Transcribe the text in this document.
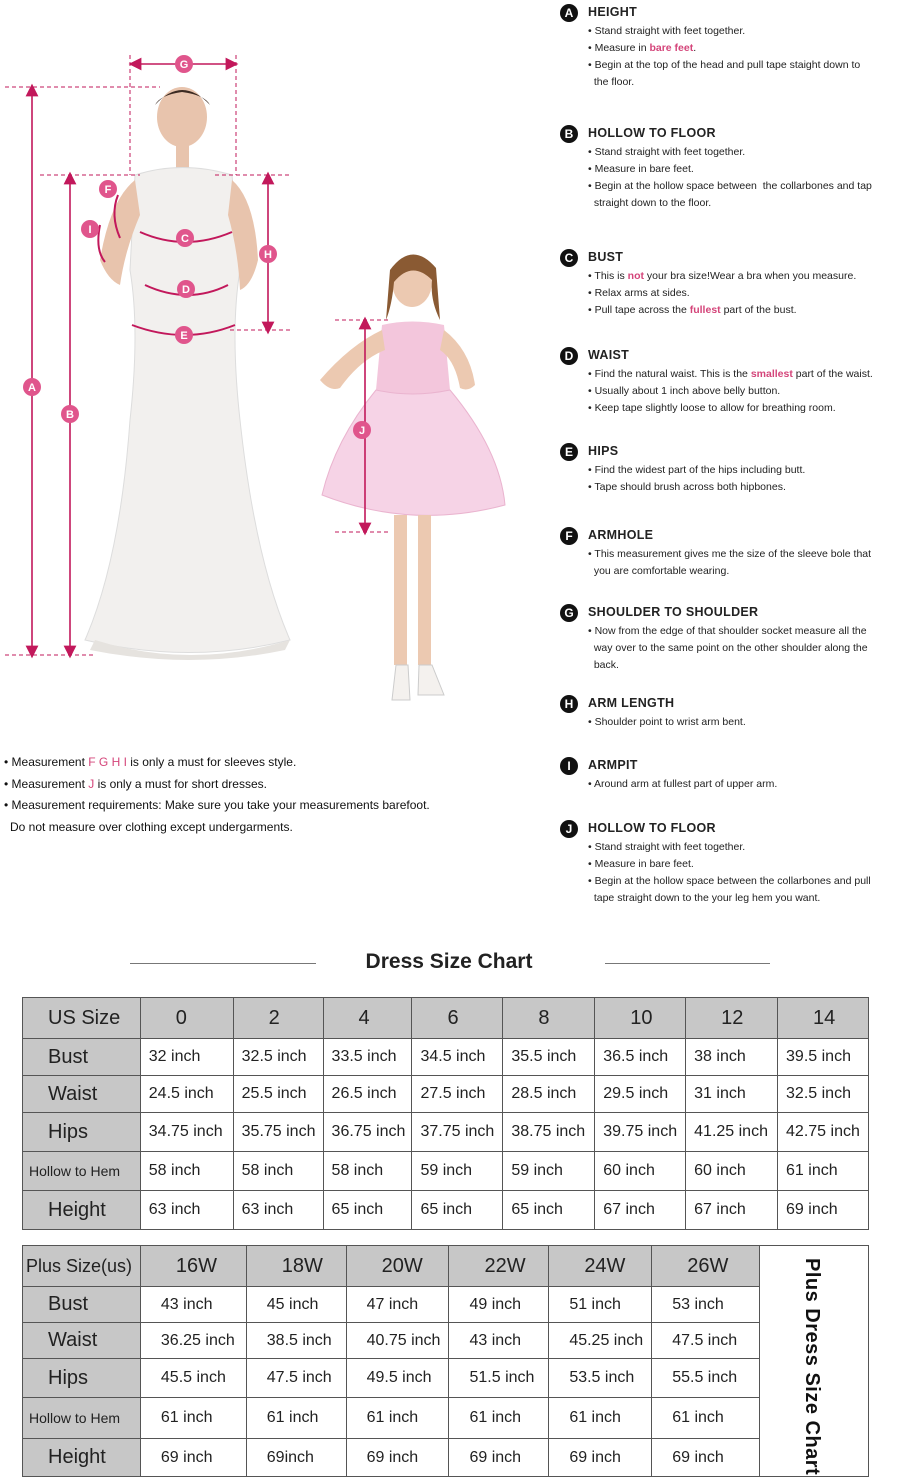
G
F
I
C
H
D
E
A
B
J
A	HEIGHT
• Stand straight with feet together.
• Measure in bare feet.
• Begin at the top of the head and pull tape staight down to
the floor.
B	HOLLOW TO FLOOR
• Stand straight with feet together.
• Measure in bare feet.
• Begin at the hollow space between  the collarbones and tap
straight down to the floor.
C	BUST
• This is not your bra size!Wear a bra when you measure.
• Relax arms at sides.
• Pull tape across the fullest part of the bust.
D	WAIST
• Find the natural waist. This is the smallest part of the waist.
• Usually about 1 inch above belly button.
• Keep tape slightly loose to allow for breathing room.
E	HIPS
• Find the widest part of the hips including butt.
• Tape should brush across both hipbones.
F	ARMHOLE
• This measurement gives me the size of the sleeve bole that
you are comfortable wearing.
G	SHOULDER TO SHOULDER
• Now from the edge of that shoulder socket measure all the
way over to the same point on the other shoulder along the
back.
H	ARM LENGTH
• Shoulder point to wrist arm bent.
I	ARMPIT
• Around arm at fullest part of upper arm.
J	HOLLOW TO FLOOR
• Stand straight with feet together.
• Measure in bare feet.
• Begin at the hollow space between the collarbones and pull
tape straight down to the your leg hem you want.
• Measurement F G H I is only a must for sleeves style.
• Measurement J is only a must for short dresses.
• Measurement requirements: Make sure you take your measurements barefoot.
Do not measure over clothing except undergarments.
Dress Size Chart
US Size	0	2	4	6	8	10	12	14
Bust	32 inch	32.5 inch	33.5 inch	34.5 inch	35.5 inch	36.5 inch	38 inch	39.5 inch
Waist	24.5 inch	25.5 inch	26.5 inch	27.5 inch	28.5 inch	29.5 inch	31 inch	32.5 inch
Hips	34.75 inch	35.75 inch	36.75 inch	37.75 inch	38.75 inch	39.75 inch	41.25 inch	42.75 inch
Hollow to Hem	58 inch	58 inch	58 inch	59 inch	59 inch	60 inch	60 inch	61 inch
Height	63 inch	63 inch	65 inch	65 inch	65 inch	67 inch	67 inch	69 inch
Plus Size(us)	16W	18W	20W	22W	24W	26W
Bust	43 inch	45 inch	47 inch	49 inch	51 inch	53 inch
Waist	36.25 inch	38.5 inch	40.75 inch	43 inch	45.25 inch	47.5 inch
Hips	45.5 inch	47.5 inch	49.5 inch	51.5 inch	53.5 inch	55.5 inch
Hollow to Hem	61 inch	61 inch	61 inch	61 inch	61 inch	61 inch
Height	69 inch	69inch	69 inch	69 inch	69 inch	69 inch	Plus Dress Size Chart
